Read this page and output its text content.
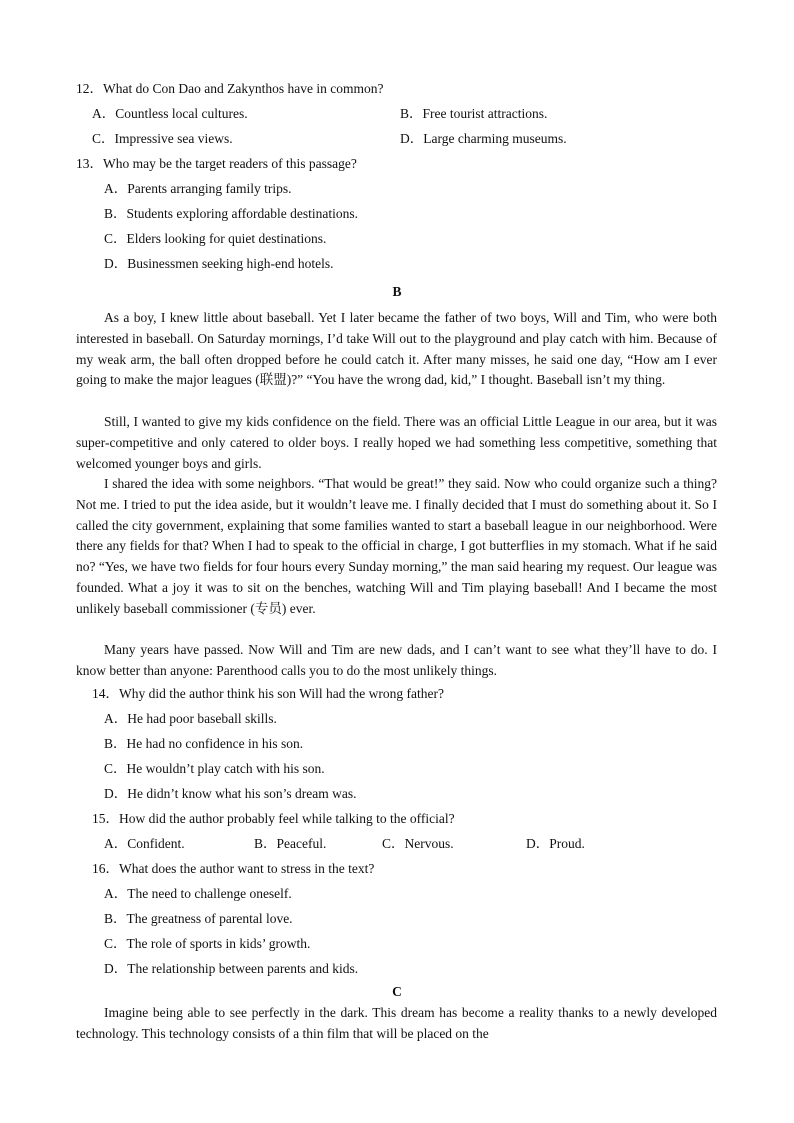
12．What do Con Dao and Zakynthos have in common?
A．Countless local cultures.	B．Free tourist attractions.
C．Impressive sea views.	D．Large charming museums.
13．Who may be the target readers of this passage?
A．Parents arranging family trips.
B．Students exploring affordable destinations.
C．Elders looking for quiet destinations.
D．Businessmen seeking high-end hotels.
B

As a boy, I knew little about baseball. Yet I later became the father of two boys, Will and Tim, who were both interested in baseball. On Saturday mornings, I’d take Will out to the playground and play catch with him. Because of my weak arm, the ball often dropped before he could catch it. After many misses, he said one day, “How am I ever going to make the major leagues (联盟)?” “You have the wrong dad, kid,” I thought. Baseball isn’t my thing.

Still, I wanted to give my kids confidence on the field. There was an official Little League in our area, but it was super-competitive and only catered to older boys. I really hoped we had something less competitive, something that welcomed younger boys and girls.

I shared the idea with some neighbors. “That would be great!” they said. Now who could organize such a thing? Not me. I tried to put the idea aside, but it wouldn’t leave me. I finally decided that I must do something about it. So I called the city government, explaining that some families wanted to start a baseball league in our neighborhood. Were there any fields for that? When I had to speak to the official in charge, I got butterflies in my stomach. What if he said no? “Yes, we have two fields for four hours every Sunday morning,” the man said hearing my request. Our league was founded. What a joy it was to sit on the benches, watching Will and Tim playing baseball! And I became the most unlikely baseball commissioner (专员) ever.

Many years have passed. Now Will and Tim are new dads, and I can’t want to see what they’ll have to do. I know better than anyone: Parenthood calls you to do the most unlikely things.

14．Why did the author think his son Will had the wrong father?
A．He had poor baseball skills.
B．He had no confidence in his son.
C．He wouldn’t play catch with his son.
D．He didn’t know what his son’s dream was.
15．How did the author probably feel while talking to the official?
A．Confident.	B．Peaceful.	C．Nervous.	D．Proud.
16．What does the author want to stress in the text?
A．The need to challenge oneself.
B．The greatness of parental love.
C．The role of sports in kids’ growth.
D．The relationship between parents and kids.
C

Imagine being able to see perfectly in the dark. This dream has become a reality thanks to a newly developed technology. This technology consists of a thin film that will be placed on the
